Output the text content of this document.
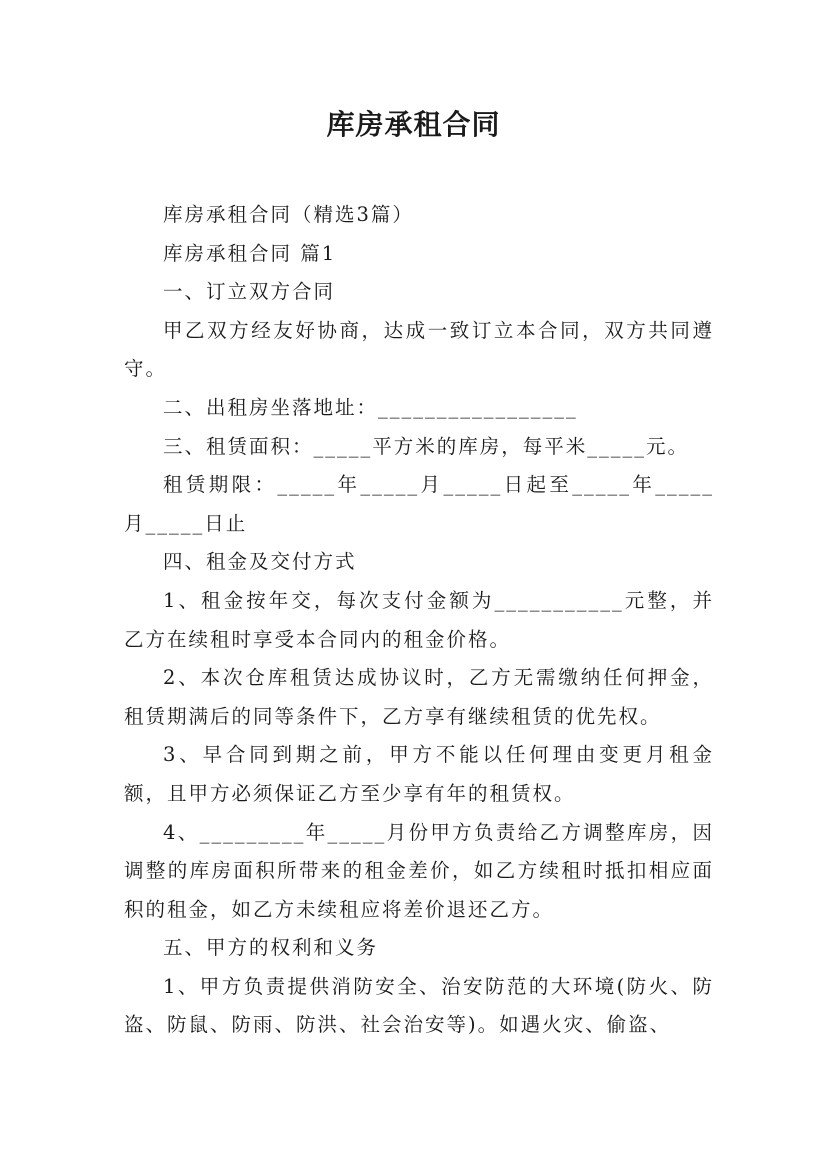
库房承租合同

库房承租合同（精选3篇）

库房承租合同 篇1

一、订立双方合同

甲乙双方经友好协商，达成一致订立本合同，双方共同遵守。

二、出租房坐落地址：_________________

三、租赁面积：_____平方米的库房，每平米_____元。

租赁期限：_____年_____月_____日起至_____年_____月_____日止

四、租金及交付方式

1、租金按年交，每次支付金额为___________元整，并乙方在续租时享受本合同内的租金价格。

2、本次仓库租赁达成协议时，乙方无需缴纳任何押金，租赁期满后的同等条件下，乙方享有继续租赁的优先权。

3、早合同到期之前，甲方不能以任何理由变更月租金额，且甲方必须保证乙方至少享有年的租赁权。

4、_________年_____月份甲方负责给乙方调整库房，因调整的库房面积所带来的租金差价，如乙方续租时抵扣相应面积的租金，如乙方未续租应将差价退还乙方。

五、甲方的权利和义务

1、甲方负责提供消防安全、治安防范的大环境(防火、防盗、防鼠、防雨、防洪、社会治安等)。如遇火灾、偷盗、
